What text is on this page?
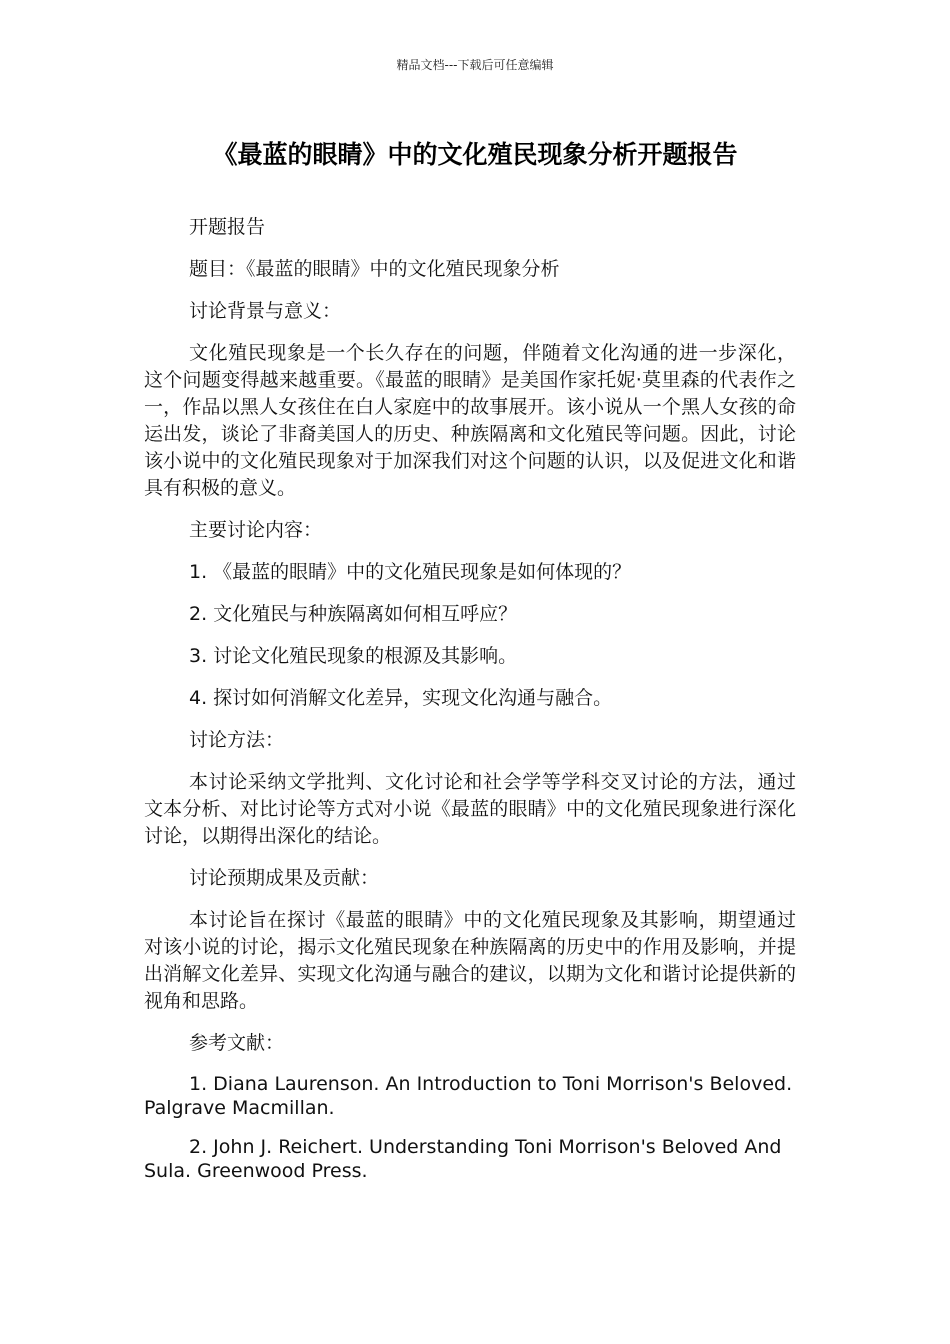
精品文档---下载后可任意编辑
《最蓝的眼睛》中的文化殖民现象分析开题报告

开题报告

题目：《最蓝的眼睛》中的文化殖民现象分析

讨论背景与意义：

文化殖民现象是一个长久存在的问题，伴随着文化沟通的进一步深化，这个问题变得越来越重要。《最蓝的眼睛》是美国作家托妮·莫里森的代表作之一，作品以黑人女孩住在白人家庭中的故事展开。该小说从一个黑人女孩的命运出发，谈论了非裔美国人的历史、种族隔离和文化殖民等问题。因此，讨论该小说中的文化殖民现象对于加深我们对这个问题的认识，以及促进文化和谐具有积极的意义。

主要讨论内容：

1. 《最蓝的眼睛》中的文化殖民现象是如何体现的？

2. 文化殖民与种族隔离如何相互呼应？

3. 讨论文化殖民现象的根源及其影响。

4. 探讨如何消解文化差异，实现文化沟通与融合。

讨论方法：

本讨论采纳文学批判、文化讨论和社会学等学科交叉讨论的方法，通过文本分析、对比讨论等方式对小说《最蓝的眼睛》中的文化殖民现象进行深化讨论，以期得出深化的结论。

讨论预期成果及贡献：

本讨论旨在探讨《最蓝的眼睛》中的文化殖民现象及其影响，期望通过对该小说的讨论，揭示文化殖民现象在种族隔离的历史中的作用及影响，并提出消解文化差异、实现文化沟通与融合的建议，以期为文化和谐讨论提供新的视角和思路。

参考文献：

1. Diana Laurenson. An Introduction to Toni Morrison's Beloved. Palgrave Macmillan.

2. John J. Reichert. Understanding Toni Morrison's Beloved And Sula. Greenwood Press.
